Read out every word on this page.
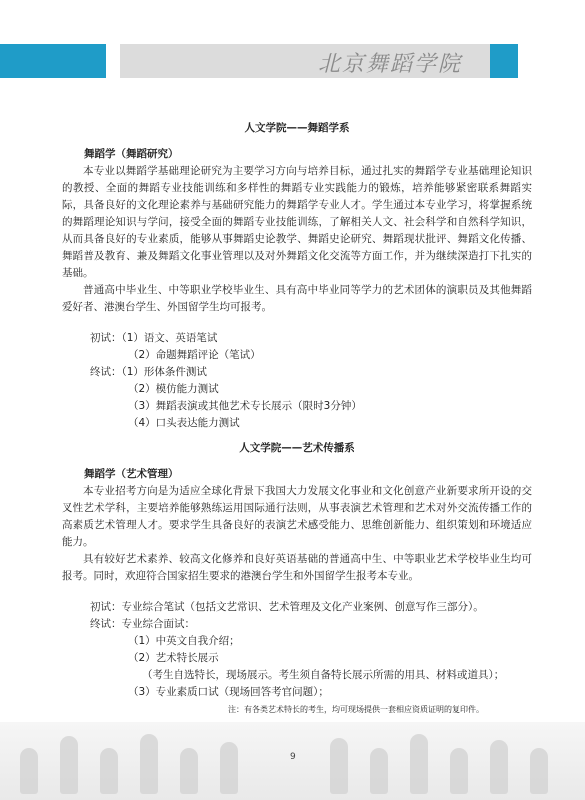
北京舞蹈学院

人文学院——舞蹈学系

舞蹈学（舞蹈研究）

本专业以舞蹈学基础理论研究为主要学习方向与培养目标，通过扎实的舞蹈学专业基础理论知识的教授、全面的舞蹈专业技能训练和多样性的舞蹈专业实践能力的锻炼，培养能够紧密联系舞蹈实际，具备良好的文化理论素养与基础研究能力的舞蹈学专业人才。学生通过本专业学习，将掌握系统的舞蹈理论知识与学问，接受全面的舞蹈专业技能训练，了解相关人文、社会科学和自然科学知识，从而具备良好的专业素质，能够从事舞蹈史论教学、舞蹈史论研究、舞蹈现状批评、舞蹈文化传播、舞蹈普及教育、兼及舞蹈文化事业管理以及对外舞蹈文化交流等方面工作，并为继续深造打下扎实的基础。

普通高中毕业生、中等职业学校毕业生、具有高中毕业同等学力的艺术团体的演职员及其他舞蹈爱好者、港澳台学生、外国留学生均可报考。

初试：（1）语文、英语笔试

（2）命题舞蹈评论（笔试）

终试：（1）形体条件测试

（2）模仿能力测试

（3）舞蹈表演或其他艺术专长展示（限时3分钟）

（4）口头表达能力测试

人文学院——艺术传播系

舞蹈学（艺术管理）

本专业招考方向是为适应全球化背景下我国大力发展文化事业和文化创意产业新要求所开设的交叉性艺术学科，主要培养能够熟练运用国际通行法则，从事表演艺术管理和艺术对外交流传播工作的高素质艺术管理人才。要求学生具备良好的表演艺术感受能力、思维创新能力、组织策划和环境适应能力。

具有较好艺术素养、较高文化修养和良好英语基础的普通高中生、中等职业艺术学校毕业生均可报考。同时，欢迎符合国家招生要求的港澳台学生和外国留学生报考本专业。

初试：专业综合笔试（包括文艺常识、艺术管理及文化产业案例、创意写作三部分）。

终试：专业综合面试：

（1）中英文自我介绍；

（2）艺术特长展示

（考生自选特长，现场展示。考生须自备特长展示所需的用具、材料或道具）；

（3）专业素质口试（现场回答考官问题）；

注：有各类艺术特长的考生，均可现场提供一套相应资质证明的复印件。

9
